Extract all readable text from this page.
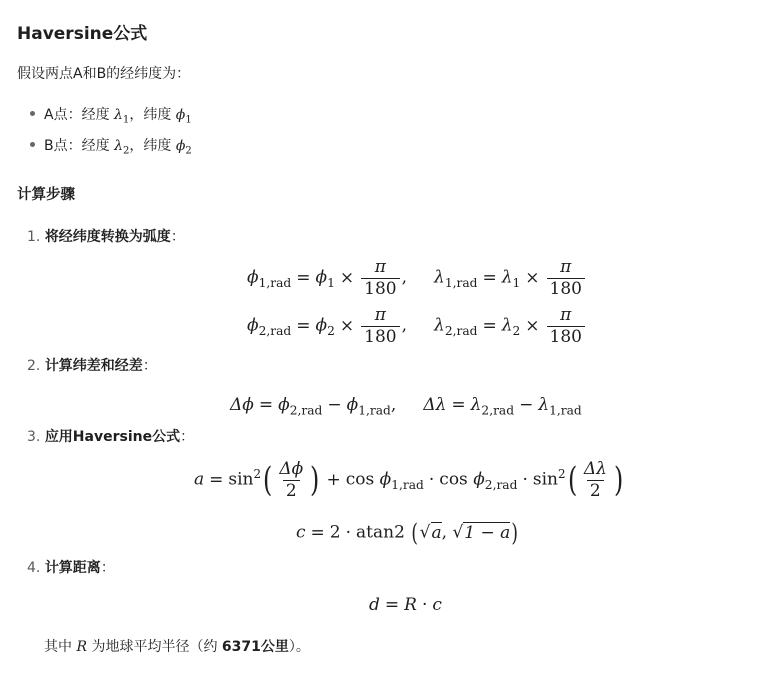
Haversine公式
假设两点A和B的经纬度为：
A点：经度 $\lambda_1$，纬度 $\phi_1$
B点：经度 $\lambda_2$，纬度 $\phi_2$
计算步骤
1. 将经纬度转换为弧度：
$\phi_{1,rad} = \phi_1 \times \frac{\pi}{180}$ ,     $\lambda_{1,rad} = \lambda_1 \times \frac{\pi}{180}$
$\phi_{2,rad} = \phi_2 \times \frac{\pi}{180}$ ,     $\lambda_{2,rad} = \lambda_2 \times \frac{\pi}{180}$
2. 计算纬差和经差：
$\Delta\phi = \phi_{2,rad} - \phi_{1,rad}$,     $\Delta\lambda = \lambda_{2,rad} - \lambda_{1,rad}$
3. 应用Haversine公式：
$a = \sin^2( \frac{\Delta\phi}{2}$ ) + $\cos \phi_{1,rad} \cdot \cos \phi_{2,rad} \cdot \sin^2( \frac{\Delta\lambda}{2}$ )
c = 2 · atan2 (√a, √1 − a)
4. 计算距离：
d = R · c
其中 R 为地球平均半径（约 6371公里）。
